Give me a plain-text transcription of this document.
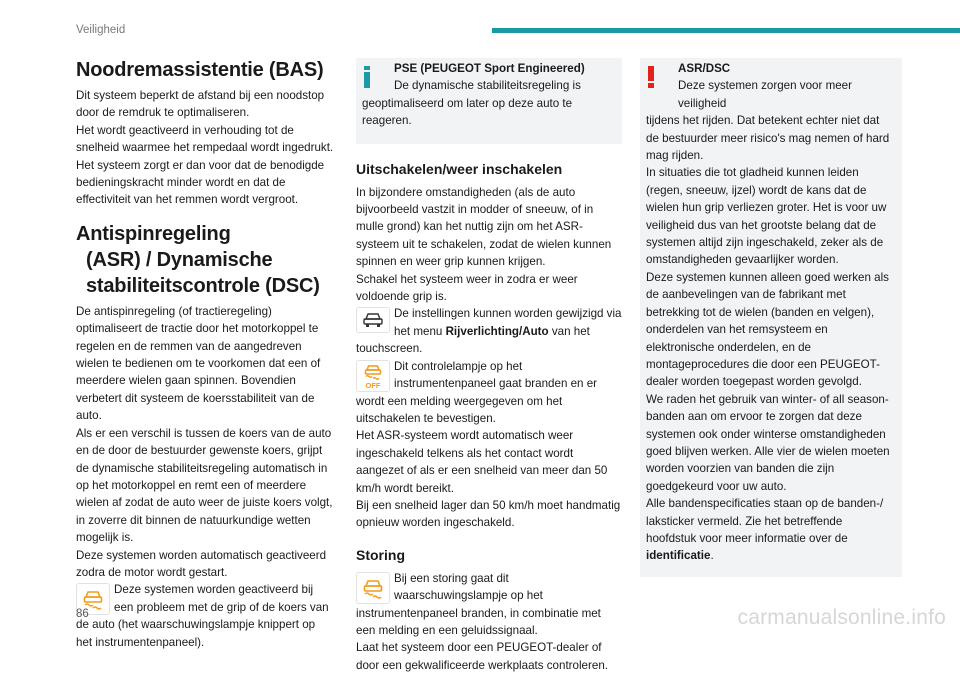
Veiligheid
Noodremassistentie (BAS)

Dit systeem beperkt de afstand bij een noodstop door de remdruk te optimaliseren.

Het wordt geactiveerd in verhouding tot de snelheid waarmee het rempedaal wordt ingedrukt. Het systeem zorgt er dan voor dat de benodigde bedieningskracht minder wordt en dat de effectiviteit van het remmen wordt vergroot.

Antispinregeling
(ASR) / Dynamische
stabiliteitscontrole (DSC)

De antispinregeling (of tractieregeling) optimaliseert de tractie door het motorkoppel te regelen en de remmen van de aangedreven wielen te bedienen om te voorkomen dat een of meerdere wielen gaan spinnen. Bovendien verbetert dit systeem de koersstabiliteit van de auto.

Als er een verschil is tussen de koers van de auto en de door de bestuurder gewenste koers, grijpt de dynamische stabiliteitsregeling automatisch in op het motorkoppel en remt een of meerdere wielen af zodat de auto weer de juiste koers volgt, in zoverre dit binnen de natuurkundige wetten mogelijk is.

Deze systemen worden automatisch geactiveerd zodra de motor wordt gestart.

Deze systemen worden geactiveerd bij een probleem met de grip of de koers van de auto (het waarschuwingslampje knippert op het instrumentenpaneel).
PSE (PEUGEOT Sport Engineered)
De dynamische stabiliteitsregeling is
geoptimaliseerd om later op deze auto te reageren.
Uitschakelen/weer inschakelen

In bijzondere omstandigheden (als de auto bijvoorbeeld vastzit in modder of sneeuw, of in mulle grond) kan het nuttig zijn om het ASR-systeem uit te schakelen, zodat de wielen kunnen spinnen en weer grip kunnen krijgen.

Schakel het systeem weer in zodra er weer voldoende grip is.

De instellingen kunnen worden gewijzigd via het menu Rijverlichting/Auto van het touchscreen.
OFF
Dit controlelampje op het instrumentenpaneel gaat branden en er wordt een melding weergegeven om het uitschakelen te bevestigen.

Het ASR-systeem wordt automatisch weer ingeschakeld telkens als het contact wordt aangezet of als er een snelheid van meer dan 50 km/h wordt bereikt.

Bij een snelheid lager dan 50 km/h moet handmatig opnieuw worden ingeschakeld.

Storing
Bij een storing gaat dit waarschuwingslampje op het instrumentenpaneel branden, in combinatie met een melding en een geluidssignaal.

Laat het systeem door een PEUGEOT-dealer of door een gekwalificeerde werkplaats controleren.

ASR/DSC
Deze systemen zorgen voor meer veiligheid
tijdens het rijden. Dat betekent echter niet dat de bestuurder meer risico's mag nemen of hard mag rijden.
In situaties die tot gladheid kunnen leiden (regen, sneeuw, ijzel) wordt de kans dat de wielen hun grip verliezen groter. Het is voor uw veiligheid dus van het grootste belang dat de systemen altijd zijn ingeschakeld, zeker als de omstandigheden gevaarlijker worden.
Deze systemen kunnen alleen goed werken als de aanbevelingen van de fabrikant met betrekking tot de wielen (banden en velgen), onderdelen van het remsysteem en elektronische onderdelen, en de montageprocedures die door een PEUGEOT-dealer worden toegepast worden gevolgd.
We raden het gebruik van winter- of all season-banden aan om ervoor te zorgen dat deze systemen ook onder winterse omstandigheden goed blijven werken. Alle vier de wielen moeten worden voorzien van banden die zijn goedgekeurd voor uw auto.
Alle bandenspecificaties staan op de banden-/ laksticker vermeld. Zie het betreffende hoofdstuk voor meer informatie over de identificatie.
86	carmanualsonline.info
